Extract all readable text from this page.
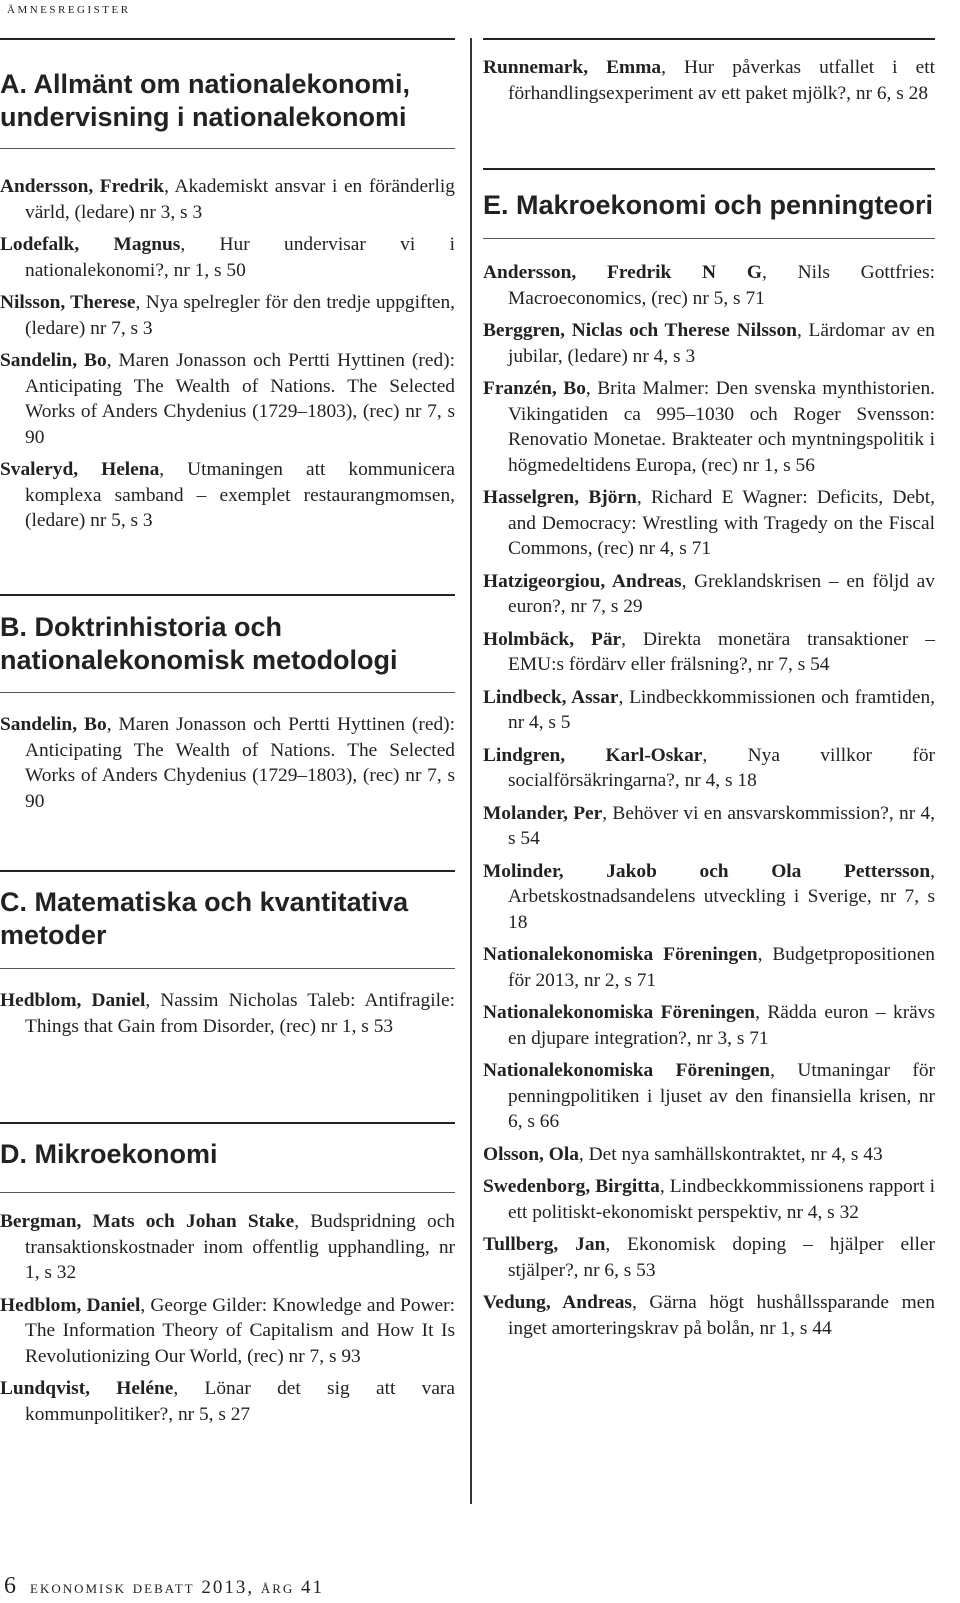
ämnesregister
A. Allmänt om nationalekonomi, undervisning i nationalekonomi

Andersson, Fredrik, Akademiskt ansvar i en föränderlig värld, (ledare) nr 3, s 3

Lodefalk, Magnus, Hur undervisar vi i nationalekonomi?, nr 1, s 50

Nilsson, Therese, Nya spelregler för den tredje uppgiften, (ledare) nr 7, s 3

Sandelin, Bo, Maren Jonasson och Pertti Hyttinen (red): Anticipating The Wealth of Nations. The Selected Works of Anders Chydenius (1729–1803), (rec) nr 7, s 90

Svaleryd, Helena, Utmaningen att kommunicera komplexa samband – exemplet restaurangmomsen, (ledare) nr 5, s 3

B. Doktrinhistoria och nationalekonomisk metodologi

Sandelin, Bo, Maren Jonasson och Pertti Hyttinen (red): Anticipating The Wealth of Nations. The Selected Works of Anders Chydenius (1729–1803), (rec) nr 7, s 90

C. Matematiska och kvantitativa metoder

Hedblom, Daniel, Nassim Nicholas Taleb: Antifragile: Things that Gain from Disorder, (rec) nr 1, s 53

D. Mikroekonomi

Bergman, Mats och Johan Stake, Budspridning och transaktionskostnader inom offentlig upphandling, nr 1, s 32

Hedblom, Daniel, George Gilder: Knowledge and Power: The Information Theory of Capitalism and How It Is Revolutionizing Our World, (rec) nr 7, s 93

Lundqvist, Heléne, Lönar det sig att vara kommunpolitiker?, nr 5, s 27

Runnemark, Emma, Hur påverkas utfallet i ett förhandlingsexperiment av ett paket mjölk?, nr 6, s 28

E. Makroekonomi och penningteori

Andersson, Fredrik N G, Nils Gottfries: Macroeconomics, (rec) nr 5, s 71

Berggren, Niclas och Therese Nilsson, Lärdomar av en jubilar, (ledare) nr 4, s 3

Franzén, Bo, Brita Malmer: Den svenska mynthistorien. Vikingatiden ca 995–1030 och Roger Svensson: Renovatio Monetae. Brakteater och myntningspolitik i högmedeltidens Europa, (rec) nr 1, s 56

Hasselgren, Björn, Richard E Wagner: Deficits, Debt, and Democracy: Wrestling with Tragedy on the Fiscal Commons, (rec) nr 4, s 71

Hatzigeorgiou, Andreas, Greklandskrisen – en följd av euron?, nr 7, s 29

Holmbäck, Pär, Direkta monetära transaktioner – EMU:s fördärv eller frälsning?, nr 7, s 54

Lindbeck, Assar, Lindbeckkommissionen och framtiden, nr 4, s 5

Lindgren, Karl-Oskar, Nya villkor för socialförsäkringarna?, nr 4, s 18

Molander, Per, Behöver vi en ansvarskommission?, nr 4, s 54

Molinder, Jakob och Ola Pettersson, Arbetskostnadsandelens utveckling i Sverige, nr 7, s 18

Nationalekonomiska Föreningen, Budgetpropositionen för 2013, nr 2, s 71

Nationalekonomiska Föreningen, Rädda euron – krävs en djupare integration?, nr 3, s 71

Nationalekonomiska Föreningen, Utmaningar för penningpolitiken i ljuset av den finansiella krisen, nr 6, s 66

Olsson, Ola, Det nya samhällskontraktet, nr 4, s 43

Swedenborg, Birgitta, Lindbeckkommissionens rapport i ett politiskt-ekonomiskt perspektiv, nr 4, s 32

Tullberg, Jan, Ekonomisk doping – hjälper eller stjälper?, nr 6, s 53

Vedung, Andreas, Gärna högt hushållssparande men inget amorteringskrav på bolån, nr 1, s 44

6 ekonomisk debatt 2013, årg 41
